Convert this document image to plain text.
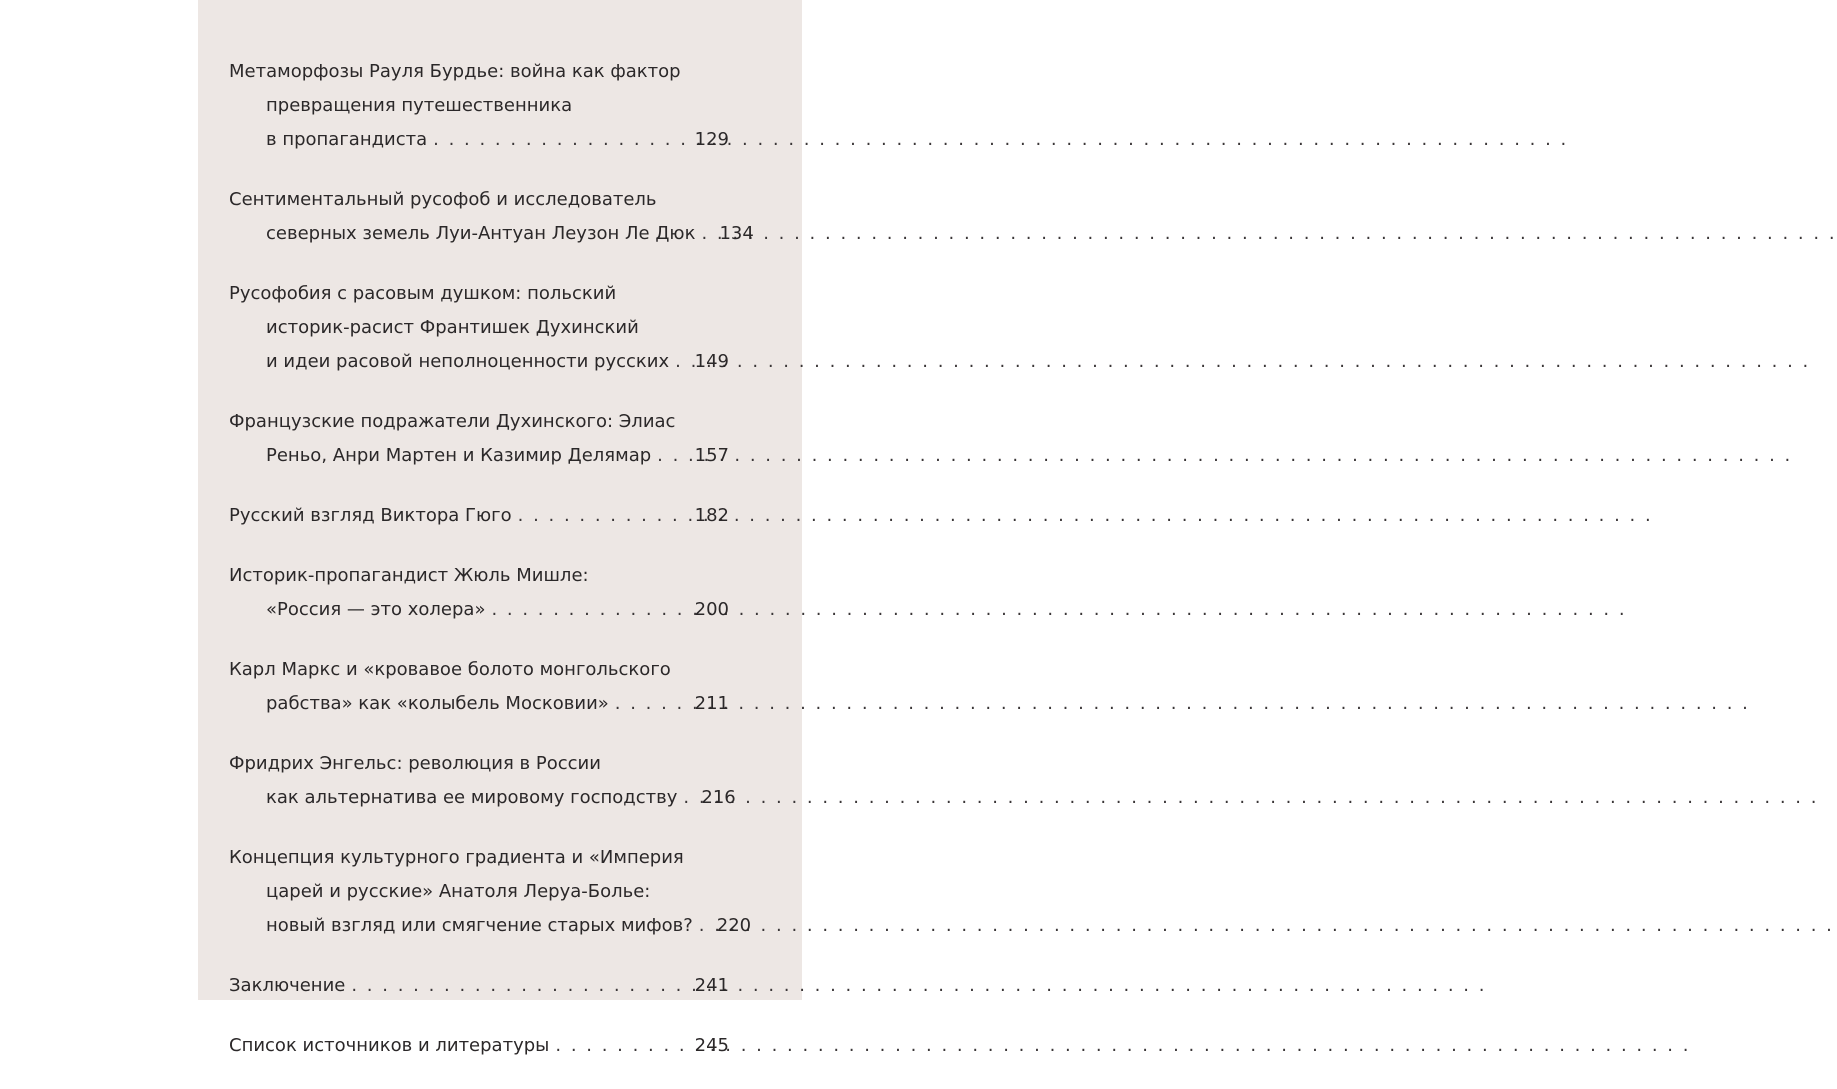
Метаморфозы Рауля Бурдье: война как фактор
превращения путешественника
в пропагандиста . . .	129
Сентиментальный русофоб и исследователь
северных земель Луи-Антуан Леузон Ле Дюк . . . 134
Русофобия с расовым душком: польский
историк-расист Франтишек Духинский
и идеи расовой неполноценности русских . . . 149
Французские подражатели Духинского: Элиас
Реньо, Анри Мартен и Казимир Делямар . . . 157
Русский взгляд Виктора Гюго . . .	182
Историк-пропагандист Жюль Мишле:
«Россия — это холера» . . .	200
Карл Маркс и «кровавое болото монгольского
рабства» как «колыбель Московии» . . .	211
Фридрих Энгельс: революция в России
как альтернатива ее мировому господству . . . 216
Концепция культурного градиента и «Империя
царей и русские» Анатоля Леруа-Болье:
новый взгляд или смягчение старых мифов? . . . 220
Заключение . . .	241
Список источников и литературы . . .	245
